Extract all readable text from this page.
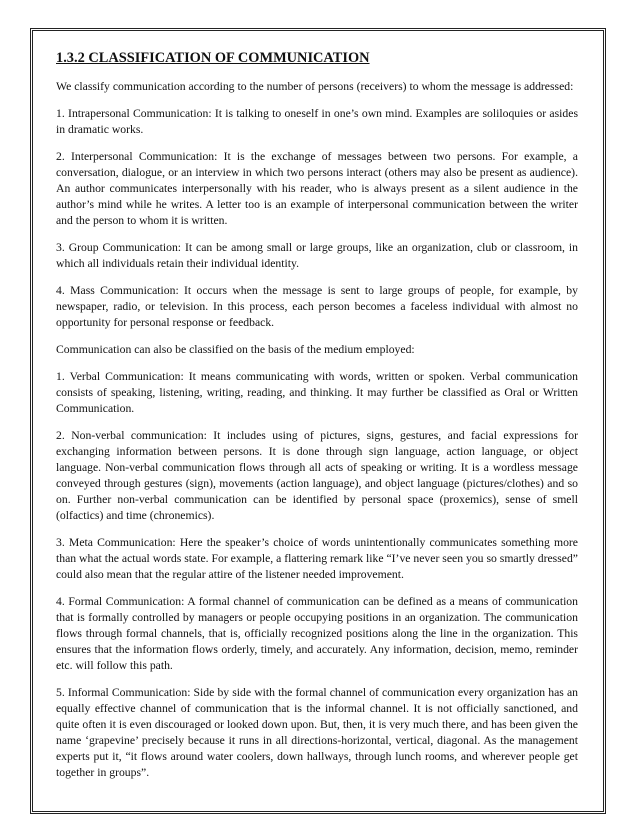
1.3.2 CLASSIFICATION OF COMMUNICATION

We classify communication according to the number of persons (receivers) to whom the message is addressed:

1. Intrapersonal Communication: It is talking to oneself in one’s own mind. Examples are soliloquies or asides in dramatic works.

2. Interpersonal Communication: It is the exchange of messages between two persons. For example, a conversation, dialogue, or an interview in which two persons interact (others may also be present as audience). An author communicates interpersonally with his reader, who is always present as a silent audience in the author’s mind while he writes. A letter too is an example of interpersonal communication between the writer and the person to whom it is written.

3. Group Communication: It can be among small or large groups, like an organization, club or classroom, in which all individuals retain their individual identity.

4. Mass Communication: It occurs when the message is sent to large groups of people, for example, by newspaper, radio, or television. In this process, each person becomes a faceless individual with almost no opportunity for personal response or feedback.

Communication can also be classified on the basis of the medium employed:

1. Verbal Communication: It means communicating with words, written or spoken. Verbal communication consists of speaking, listening, writing, reading, and thinking. It may further be classified as Oral or Written Communication.

2. Non-verbal communication: It includes using of pictures, signs, gestures, and facial expressions for exchanging information between persons. It is done through sign language, action language, or object language. Non-verbal communication flows through all acts of speaking or writing. It is a wordless message conveyed through gestures (sign), movements (action language), and object language (pictures/clothes) and so on. Further non-verbal communication can be identified by personal space (proxemics), sense of smell (olfactics) and time (chronemics).

3. Meta Communication: Here the speaker’s choice of words unintentionally communicates something more than what the actual words state. For example, a flattering remark like “I’ve never seen you so smartly dressed” could also mean that the regular attire of the listener needed improvement.

4. Formal Communication: A formal channel of communication can be defined as a means of communication that is formally controlled by managers or people occupying positions in an organization. The communication flows through formal channels, that is, officially recognized positions along the line in the organization. This ensures that the information flows orderly, timely, and accurately. Any information, decision, memo, reminder etc. will follow this path.

5. Informal Communication: Side by side with the formal channel of communication every organization has an equally effective channel of communication that is the informal channel. It is not officially sanctioned, and quite often it is even discouraged or looked down upon. But, then, it is very much there, and has been given the name ‘grapevine’ precisely because it runs in all directions-horizontal, vertical, diagonal. As the management experts put it, “it flows around water coolers, down hallways, through lunch rooms, and wherever people get together in groups”.
